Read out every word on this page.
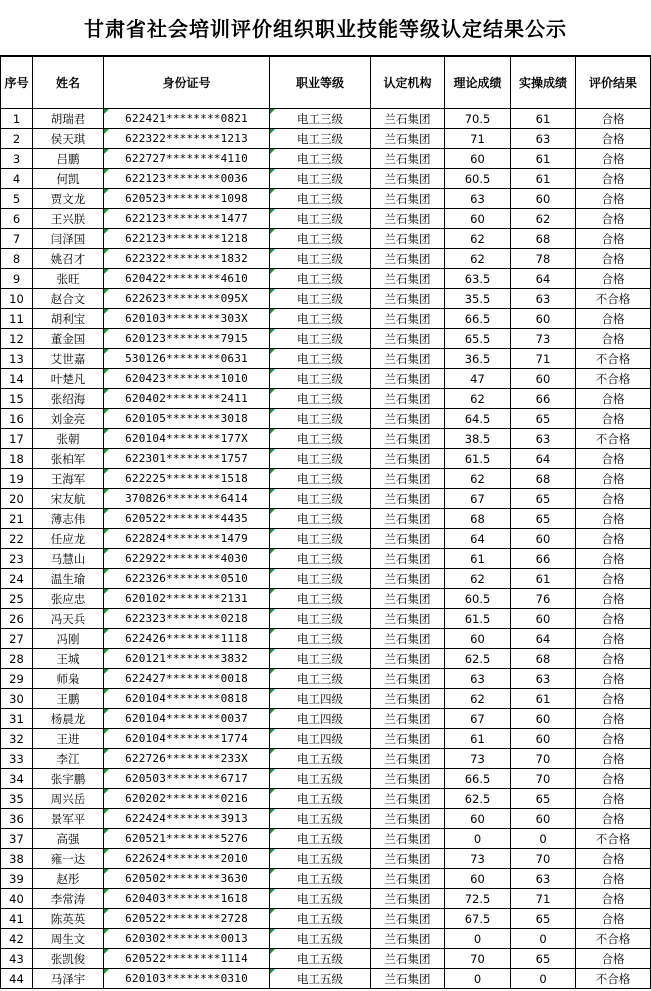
甘肃省社会培训评价组织职业技能等级认定结果公示
序号	姓名	身份证号	职业等级	认定机构	理论成绩	实操成绩	评价结果
1	胡瑞君	622421********0821	电工三级	兰石集团	70.5	61	合格
2	侯天琪	622322********1213	电工三级	兰石集团	71	63	合格
3	吕鹏	622727********4110	电工三级	兰石集团	60	61	合格
4	何凯	622123********0036	电工三级	兰石集团	60.5	61	合格
5	贾文龙	620523********1098	电工三级	兰石集团	63	60	合格
6	王兴朕	622123********1477	电工三级	兰石集团	60	62	合格
7	闫泽国	622123********1218	电工三级	兰石集团	62	68	合格
8	姚召才	622322********1832	电工三级	兰石集团	62	78	合格
9	张旺	620422********4610	电工三级	兰石集团	63.5	64	合格
10	赵合文	622623********095X	电工三级	兰石集团	35.5	63	不合格
11	胡利宝	620103********303X	电工三级	兰石集团	66.5	60	合格
12	董金国	620123********7915	电工三级	兰石集团	65.5	73	合格
13	艾世嘉	530126********0631	电工三级	兰石集团	36.5	71	不合格
14	叶楚凡	620423********1010	电工三级	兰石集团	47	60	不合格
15	张绍海	620402********2411	电工三级	兰石集团	62	66	合格
16	刘金亮	620105********3018	电工三级	兰石集团	64.5	65	合格
17	张朝	620104********177X	电工三级	兰石集团	38.5	63	不合格
18	张柏军	622301********1757	电工三级	兰石集团	61.5	64	合格
19	王海军	622225********1518	电工三级	兰石集团	62	68	合格
20	宋友航	370826********6414	电工三级	兰石集团	67	65	合格
21	薄志伟	620522********4435	电工三级	兰石集团	68	65	合格
22	任应龙	622824********1479	电工三级	兰石集团	64	60	合格
23	马慧山	622922********4030	电工三级	兰石集团	61	66	合格
24	温生瑜	622326********0510	电工三级	兰石集团	62	61	合格
25	张应忠	620102********2131	电工三级	兰石集团	60.5	76	合格
26	冯天兵	622323********0218	电工三级	兰石集团	61.5	60	合格
27	冯刚	622426********1118	电工三级	兰石集团	60	64	合格
28	王城	620121********3832	电工三级	兰石集团	62.5	68	合格
29	师枭	622427********0018	电工三级	兰石集团	63	63	合格
30	王鹏	620104********0818	电工四级	兰石集团	62	61	合格
31	杨晨龙	620104********0037	电工四级	兰石集团	67	60	合格
32	王进	620104********1774	电工四级	兰石集团	61	60	合格
33	李江	622726********233X	电工五级	兰石集团	73	70	合格
34	张宇鹏	620503********6717	电工五级	兰石集团	66.5	70	合格
35	周兴岳	620202********0216	电工五级	兰石集团	62.5	65	合格
36	景军平	622424********3913	电工五级	兰石集团	60	60	合格
37	高强	620521********5276	电工五级	兰石集团	0	0	不合格
38	雍一达	622624********2010	电工五级	兰石集团	73	70	合格
39	赵彤	620502********3630	电工五级	兰石集团	60	63	合格
40	李常涛	620403********1618	电工五级	兰石集团	72.5	71	合格
41	陈英英	620522********2728	电工五级	兰石集团	67.5	65	合格
42	周生文	620302********0013	电工五级	兰石集团	0	0	不合格
43	张凯俊	620522********1114	电工五级	兰石集团	70	65	合格
44	马泽宇	620103********0310	电工五级	兰石集团	0	0	不合格
